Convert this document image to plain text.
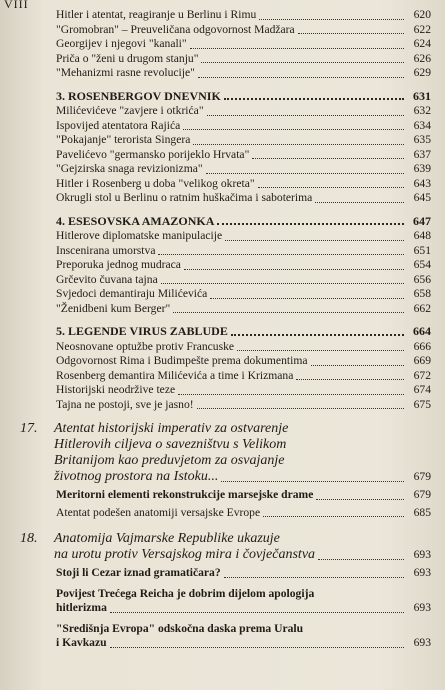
VIII
Hitler i atentat, reagiranje u Berlinu i Rimu	620
"Gromobran" – Preuveličana odgovornost Madžara	622
Georgijev i njegovi "kanali"	624
Priča o "ženi u drugom stanju"	626
"Mehanizmi rasne revolucije"	629
3. ROSENBERGOV DNEVNIK	631
Milićevićeve "zavjere i otkrića"	632
Ispovijed atentatora Rajića	634
"Pokajanje" terorista Singera	635
Pavelićevo "germansko porijeklo Hrvata"	637
"Gejzirska snaga revizionizma"	639
Hitler i Rosenberg u doba "velikog okreta"	643
Okrugli stol u Berlinu o ratnim huškačima i saboterima	645
4. ESESOVSKA AMAZONKA	647
Hitlerove diplomatske manipulacije	648
Inscenirana umorstva	651
Preporuka jednog mudraca	654
Grčevito čuvana tajna	656
Svjedoci demantiraju Milićevića	658
"Ženidbeni kum Berger"	662
5. LEGENDE VIRUS ZABLUDE	664
Neosnovane optužbe protiv Francuske	666
Odgovornost Rima i Budimpešte prema dokumentima	669
Rosenberg demantira Milićevića a time i Krizmana	672
Historijski neodržive teze	674
Tajna ne postoji, sve je jasno!	675
17.	Atentat historijski imperativ za ostvarenje
Hitlerovih ciljeva o savezništvu s Velikom
Britanijom kao preduvjetom za osvajanje
životnog prostora na Istoku...	679
Meritorni elementi rekonstrukcije marsejske drame	679
Atentat podešen anatomiji versajske Evrope	685
18.	Anatomija Vajmarske Republike ukazuje
na urotu protiv Versajskog mira i čovječanstva	693
Stoji li Cezar iznad gramatičara?	693
Povijest Trećega Reicha je dobrim dijelom apologija
hitlerizma	693
"Središnja Evropa" odskočna daska prema Uralu
i Kavkazu	693
